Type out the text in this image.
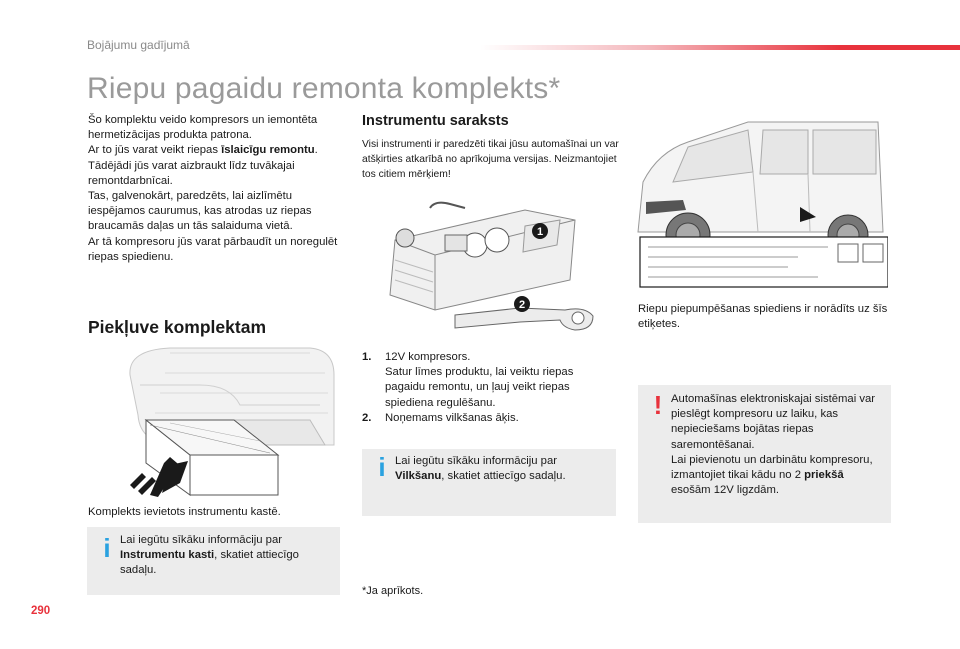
Bojājumu gadījumā
Riepu pagaidu remonta komplekts*
Šo komplektu veido kompresors un iemontēta hermetizācijas produkta patrona.
Ar to jūs varat veikt riepas īslaicīgu remontu. Tādējādi jūs varat aizbraukt līdz tuvākajai remontdarbnīcai.
Tas, galvenokārt, paredzēts, lai aizlīmētu iespējamos caurumus, kas atrodas uz riepas braucamās daļas un tās salaiduma vietā.
Ar tā kompresoru jūs varat pārbaudīt un noregulēt riepas spiedienu.
Piekļuve komplektam
Komplekts ievietots instrumentu kastē.
i Lai iegūtu sīkāku informāciju par Instrumentu kasti, skatiet attiecīgo sadaļu.
Instrumentu saraksts
Visi instrumenti ir paredzēti tikai jūsu automašīnai un var atšķirties atkarībā no aprīkojuma versijas. Neizmantojiet tos citiem mērķiem!
1
2
1. 12V kompresors.
Satur līmes produktu, lai veiktu riepas pagaidu remontu, un ļauj veikt riepas spiediena regulēšanu.
2. Noņemams vilkšanas āķis.
i Lai iegūtu sīkāku informāciju par Vilkšanu, skatiet attiecīgo sadaļu.
*Ja aprīkots.
Riepu piepumpēšanas spiediens ir norādīts uz šīs etiķetes.
! Automašīnas elektroniskajai sistēmai var pieslēgt kompresoru uz laiku, kas nepieciešams bojātas riepas saremontēšanai.
Lai pievienotu un darbinātu kompresoru, izmantojiet tikai kādu no 2 priekšā esošām 12V ligzdām.
290
